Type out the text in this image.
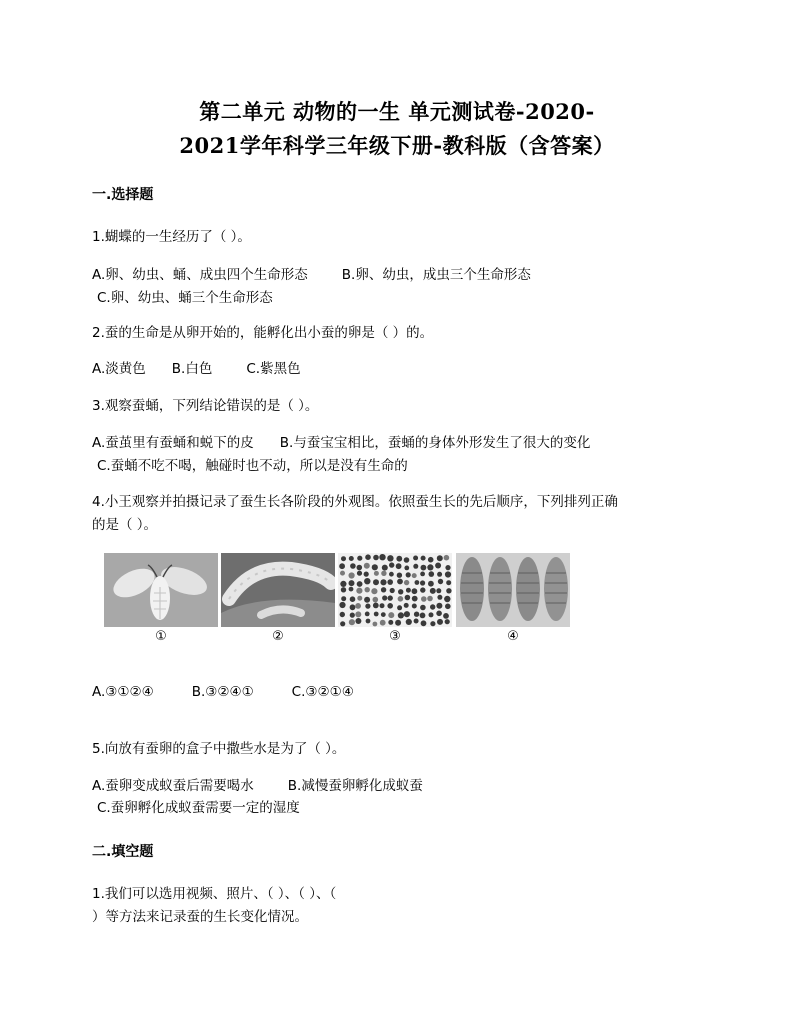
第二单元 动物的一生 单元测试卷-2020-
2021学年科学三年级下册-教科版（含答案）
一.选择题
1.蝴蝶的一生经历了（ ）。
A.卵、幼虫、蛹、成虫四个生命形态	B.卵、幼虫，成虫三个生命形态
C.卵、幼虫、蛹三个生命形态
2.蚕的生命是从卵开始的，能孵化出小蚕的卵是（ ）的。
A.淡黄色 B.白色	C.紫黑色
3.观察蚕蛹，下列结论错误的是（ ）。
A.蚕茧里有蚕蛹和蜕下的皮 B.与蚕宝宝相比，蚕蛹的身体外形发生了很大的变化
C.蚕蛹不吃不喝，触碰时也不动，所以是没有生命的
4.小王观察并拍摄记录了蚕生长各阶段的外观图。依照蚕生长的先后顺序，下列排列正确
的是（ ）。
①	②	③	④
A.③①②④	B.③②④①	C.③②①④
5.向放有蚕卵的盒子中撒些水是为了（ ）。
A.蚕卵变成蚁蚕后需要喝水	B.减慢蚕卵孵化成蚁蚕
C.蚕卵孵化成蚁蚕需要一定的湿度
二.填空题
1.我们可以选用视频、照片、（ ）、（ ）、（
）等方法来记录蚕的生长变化情况。
